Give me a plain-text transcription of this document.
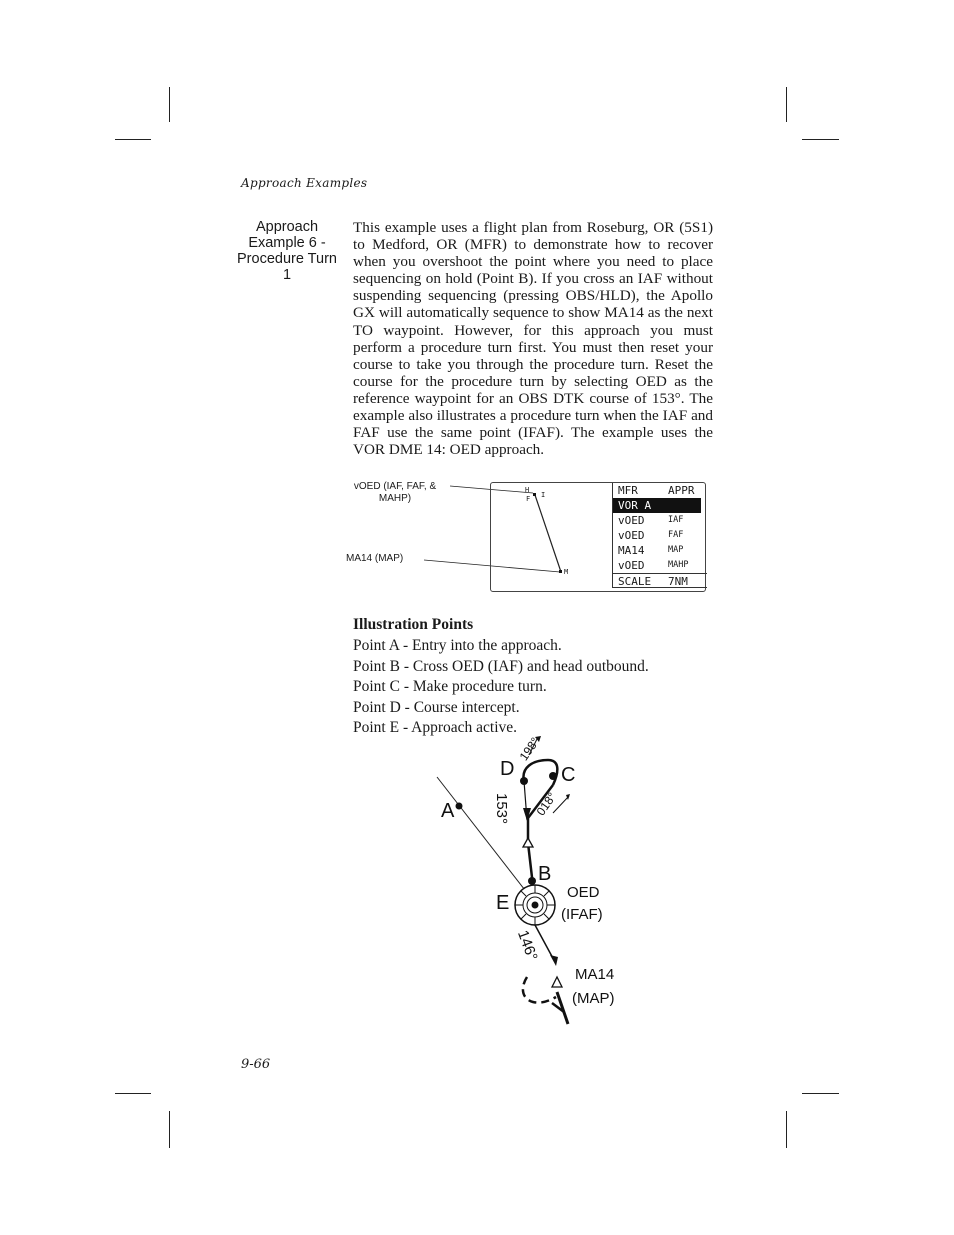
Approach Examples
Approach Example 6 - Procedure Turn 1
This example uses a flight plan from Roseburg, OR (5S1) to Medford, OR (MFR) to demonstrate how to recover when you overshoot the point where you need to place sequencing on hold (Point B). If you cross an IAF without suspending sequencing (pressing OBS/HLD), the Apollo GX will automatically sequence to show MA14 as the next TO waypoint. However, for this approach you must perform a procedure turn first. You must then reset your course to take you through the procedure turn. Reset the course for the procedure turn by selecting OED as the reference waypoint for an OBS DTK course of 153°. The example also illustrates a procedure turn when the IAF and FAF use the same point (IFAF). The example uses the VOR DME 14: OED approach.
vOED (IAF, FAF, & MAHP)
MA14 (MAP)
H
F I
M
MFR	APPR
VOR A
vOED	IAF
vOED	FAF
MA14	MAP
vOED	MAHP
SCALE 7NM
Illustration Points
Point A - Entry into the approach.
Point B - Cross OED (IAF) and head outbound.
Point C - Make procedure turn.
Point D - Course intercept.
Point E - Approach active.
A
D C
B
E
198°
153° 018°
146°
OED
(IFAF)
MA14
(MAP)
9-66
